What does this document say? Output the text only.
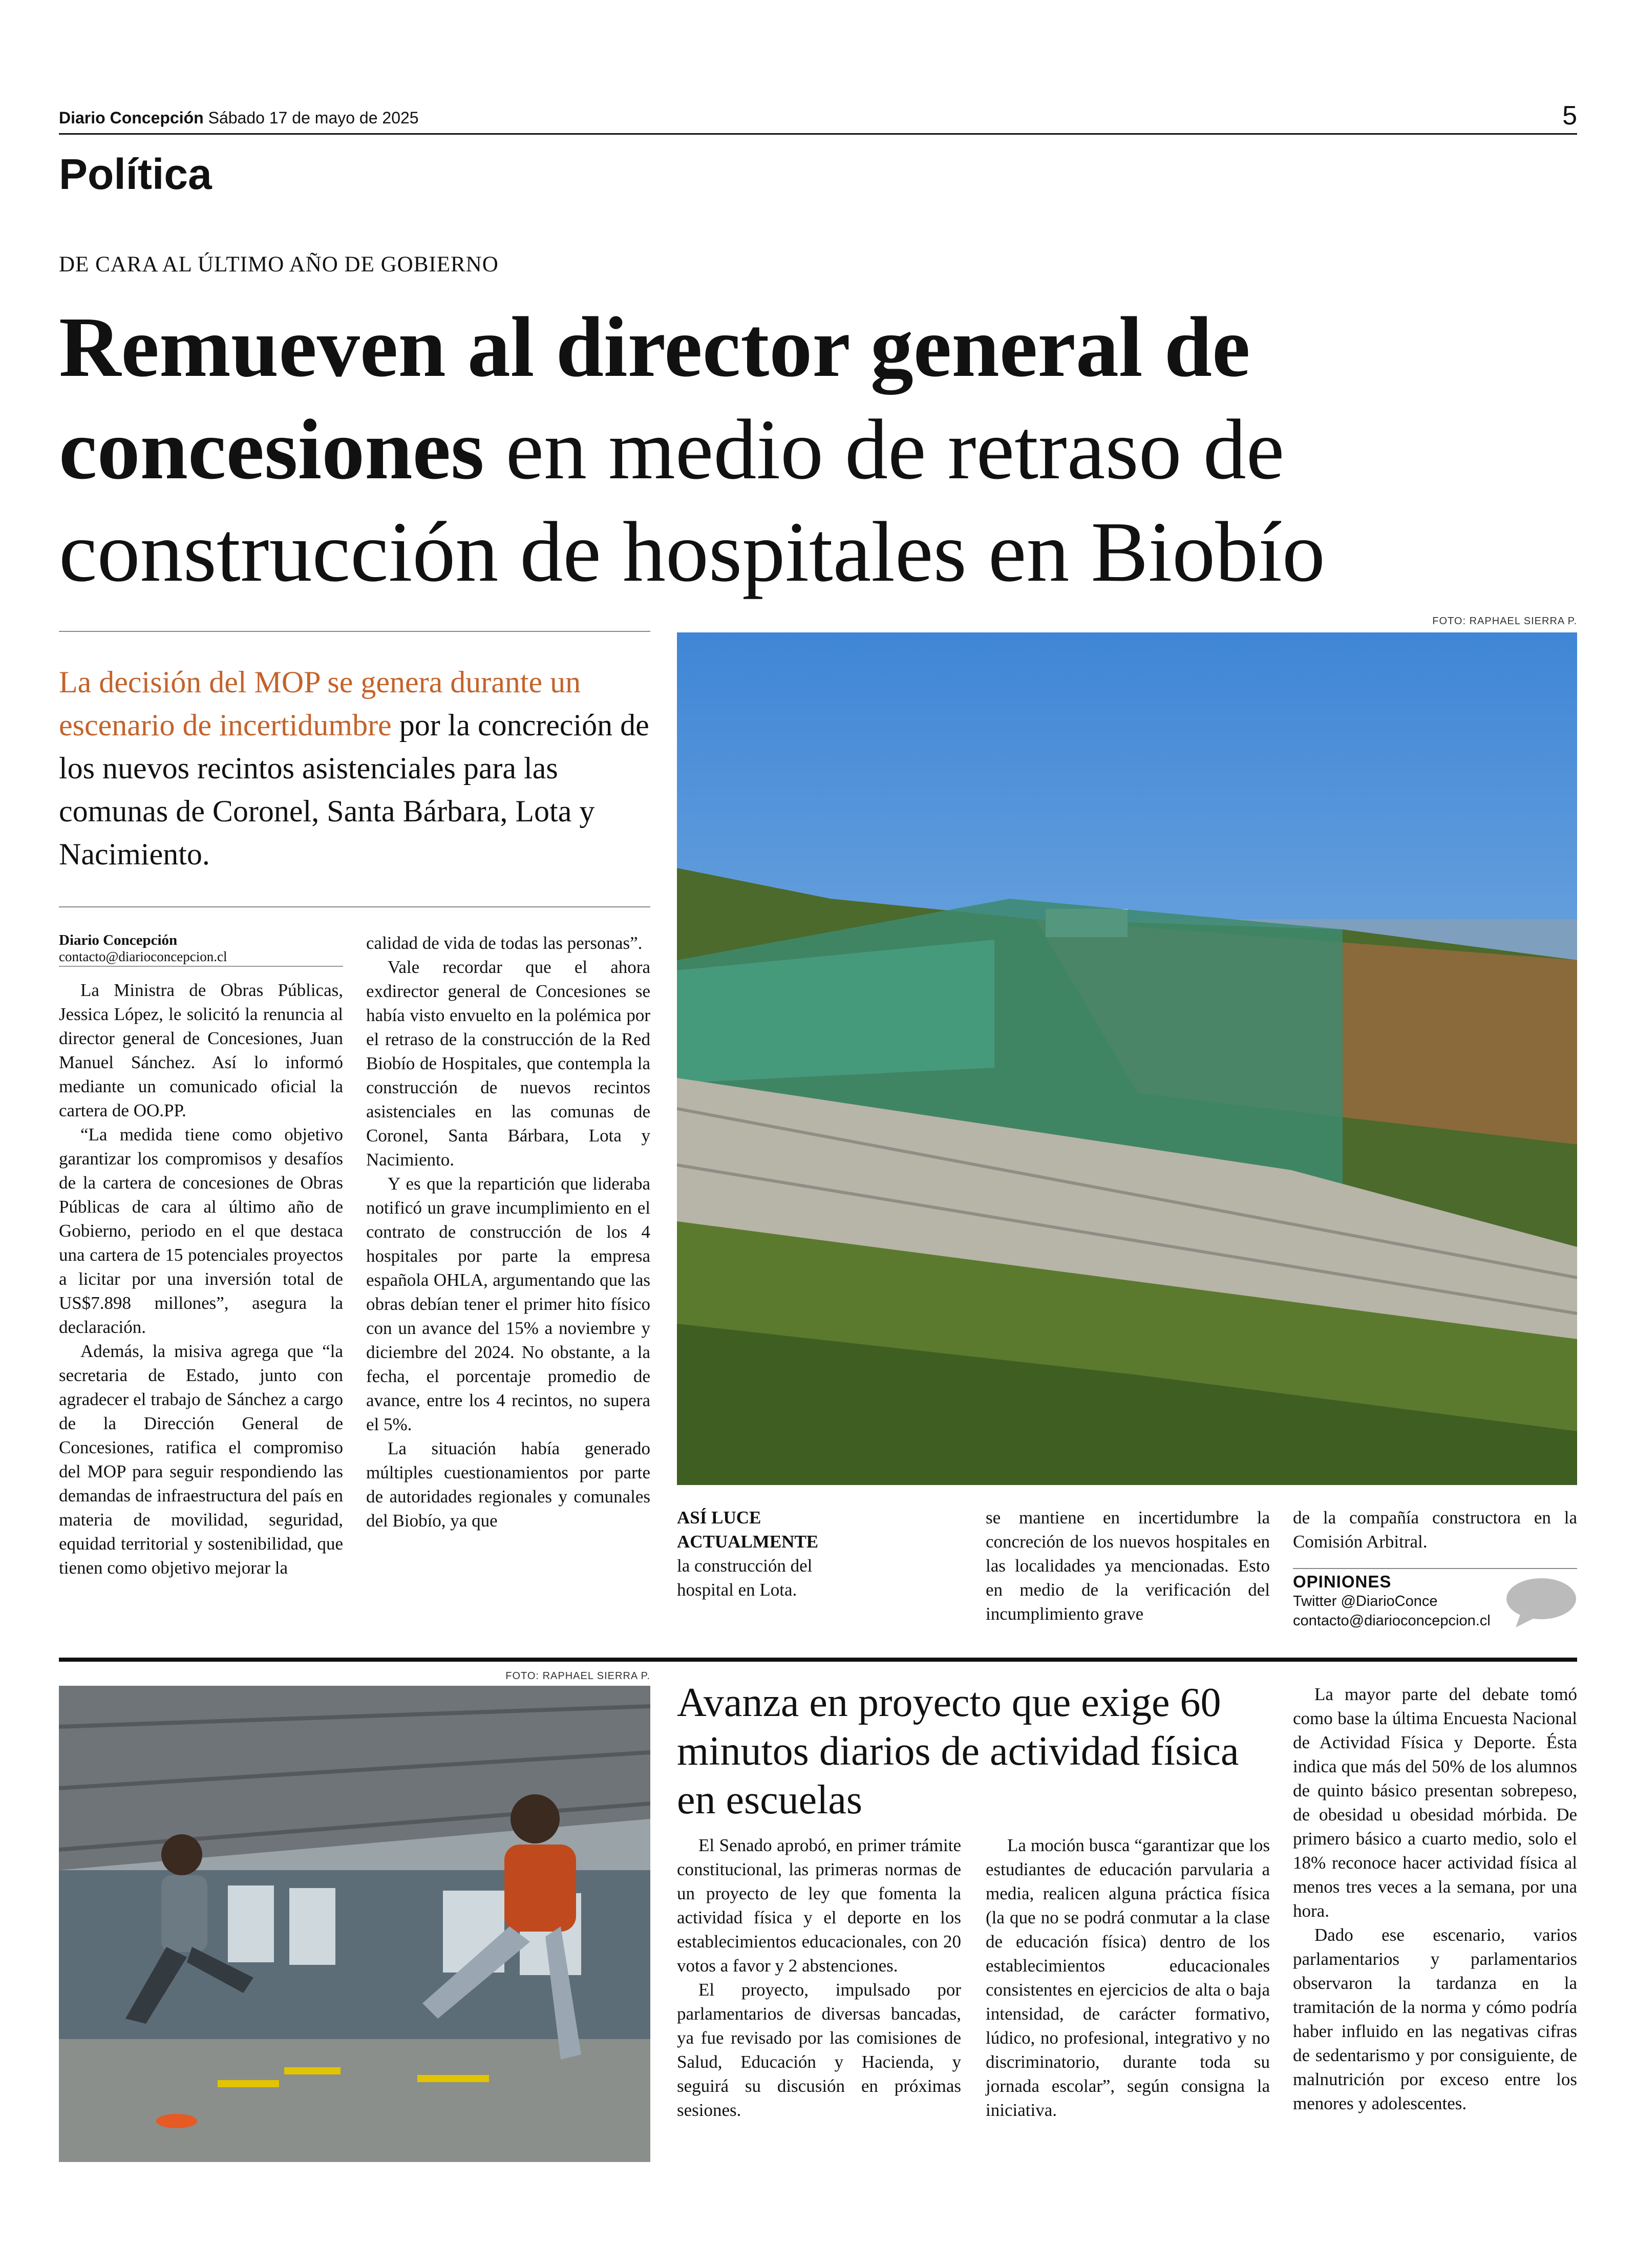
Diario Concepción Sábado 17 de mayo de 2025	5
Política
DE CARA AL ÚLTIMO AÑO DE GOBIERNO
Remueven al director general de concesiones en medio de retraso de construcción de hospitales en Biobío
La decisión del MOP se genera durante un escenario de incertidumbre por la concreción de los nuevos recintos asistenciales para las comunas de Coronel, Santa Bárbara, Lota y Nacimiento.
Diario Concepción
contacto@diarioconcepcion.cl

La Ministra de Obras Públicas, Jessica López, le solicitó la renuncia al director general de Concesiones, Juan Manuel Sánchez. Así lo informó mediante un comunicado oficial la cartera de OO.PP.

“La medida tiene como objetivo garantizar los compromisos y desafíos de la cartera de concesiones de Obras Públicas de cara al último año de Gobierno, periodo en el que destaca una cartera de 15 potenciales proyectos a licitar por una inversión total de US$7.898 millones”, asegura la declaración.

Además, la misiva agrega que “la secretaria de Estado, junto con agradecer el trabajo de Sánchez a cargo de la Dirección General de Concesiones, ratifica el compromiso del MOP para seguir respondiendo las demandas de infraestructura del país en materia de movilidad, seguridad, equidad territorial y sostenibilidad, que tienen como objetivo mejorar la

calidad de vida de todas las personas”.

Vale recordar que el ahora exdirector general de Concesiones se había visto envuelto en la polémica por el retraso de la construcción de la Red Biobío de Hospitales, que contempla la construcción de nuevos recintos asistenciales en las comunas de Coronel, Santa Bárbara, Lota y Nacimiento.

Y es que la repartición que lideraba notificó un grave incumplimiento en el contrato de construcción de los 4 hospitales por parte la empresa española OHLA, argumentando que las obras debían tener el primer hito físico con un avance del 15% a noviembre y diciembre del 2024. No obstante, a la fecha, el porcentaje promedio de avance, entre los 4 recintos, no supera el 5%.

La situación había generado múltiples cuestionamientos por parte de autoridades regionales y comunales del Biobío, ya que

FOTO: RAPHAEL SIERRA P.
ASÍ LUCE ACTUALMENTE
la construcción del hospital en Lota.

se mantiene en incertidumbre la concreción de los nuevos hospitales en las localidades ya mencionadas. Esto en medio de la verificación del incumplimiento grave

de la compañía constructora en la Comisión Arbitral.

OPINIONES
Twitter @DiarioConce
contacto@diarioconcepcion.cl
FOTO: RAPHAEL SIERRA P.
Avanza en proyecto que exige 60 minutos diarios de actividad física en escuelas

El Senado aprobó, en primer trámite constitucional, las primeras normas de un proyecto de ley que fomenta la actividad física y el deporte en los establecimientos educacionales, con 20 votos a favor y 2 abstenciones.

El proyecto, impulsado por parlamentarios de diversas bancadas, ya fue revisado por las comisiones de Salud, Educación y Hacienda, y seguirá su discusión en próximas sesiones.

La moción busca “garantizar que los estudiantes de educación parvularia a media, realicen alguna práctica física (la que no se podrá conmutar a la clase de educación física) dentro de los establecimientos educacionales consistentes en ejercicios de alta o baja intensidad, de carácter formativo, lúdico, no profesional, integrativo y no discriminatorio, durante toda su jornada escolar”, según consigna la iniciativa.

La mayor parte del debate tomó como base la última Encuesta Nacional de Actividad Física y Deporte. Ésta indica que más del 50% de los alumnos de quinto básico presentan sobrepeso, de obesidad u obesidad mórbida. De primero básico a cuarto medio, solo el 18% reconoce hacer actividad física al menos tres veces a la semana, por una hora.

Dado ese escenario, varios parlamentarios y parlamentarios observaron la tardanza en la tramitación de la norma y cómo podría haber influido en las negativas cifras de sedentarismo y por consiguiente, de malnutrición por exceso entre los menores y adolescentes.
